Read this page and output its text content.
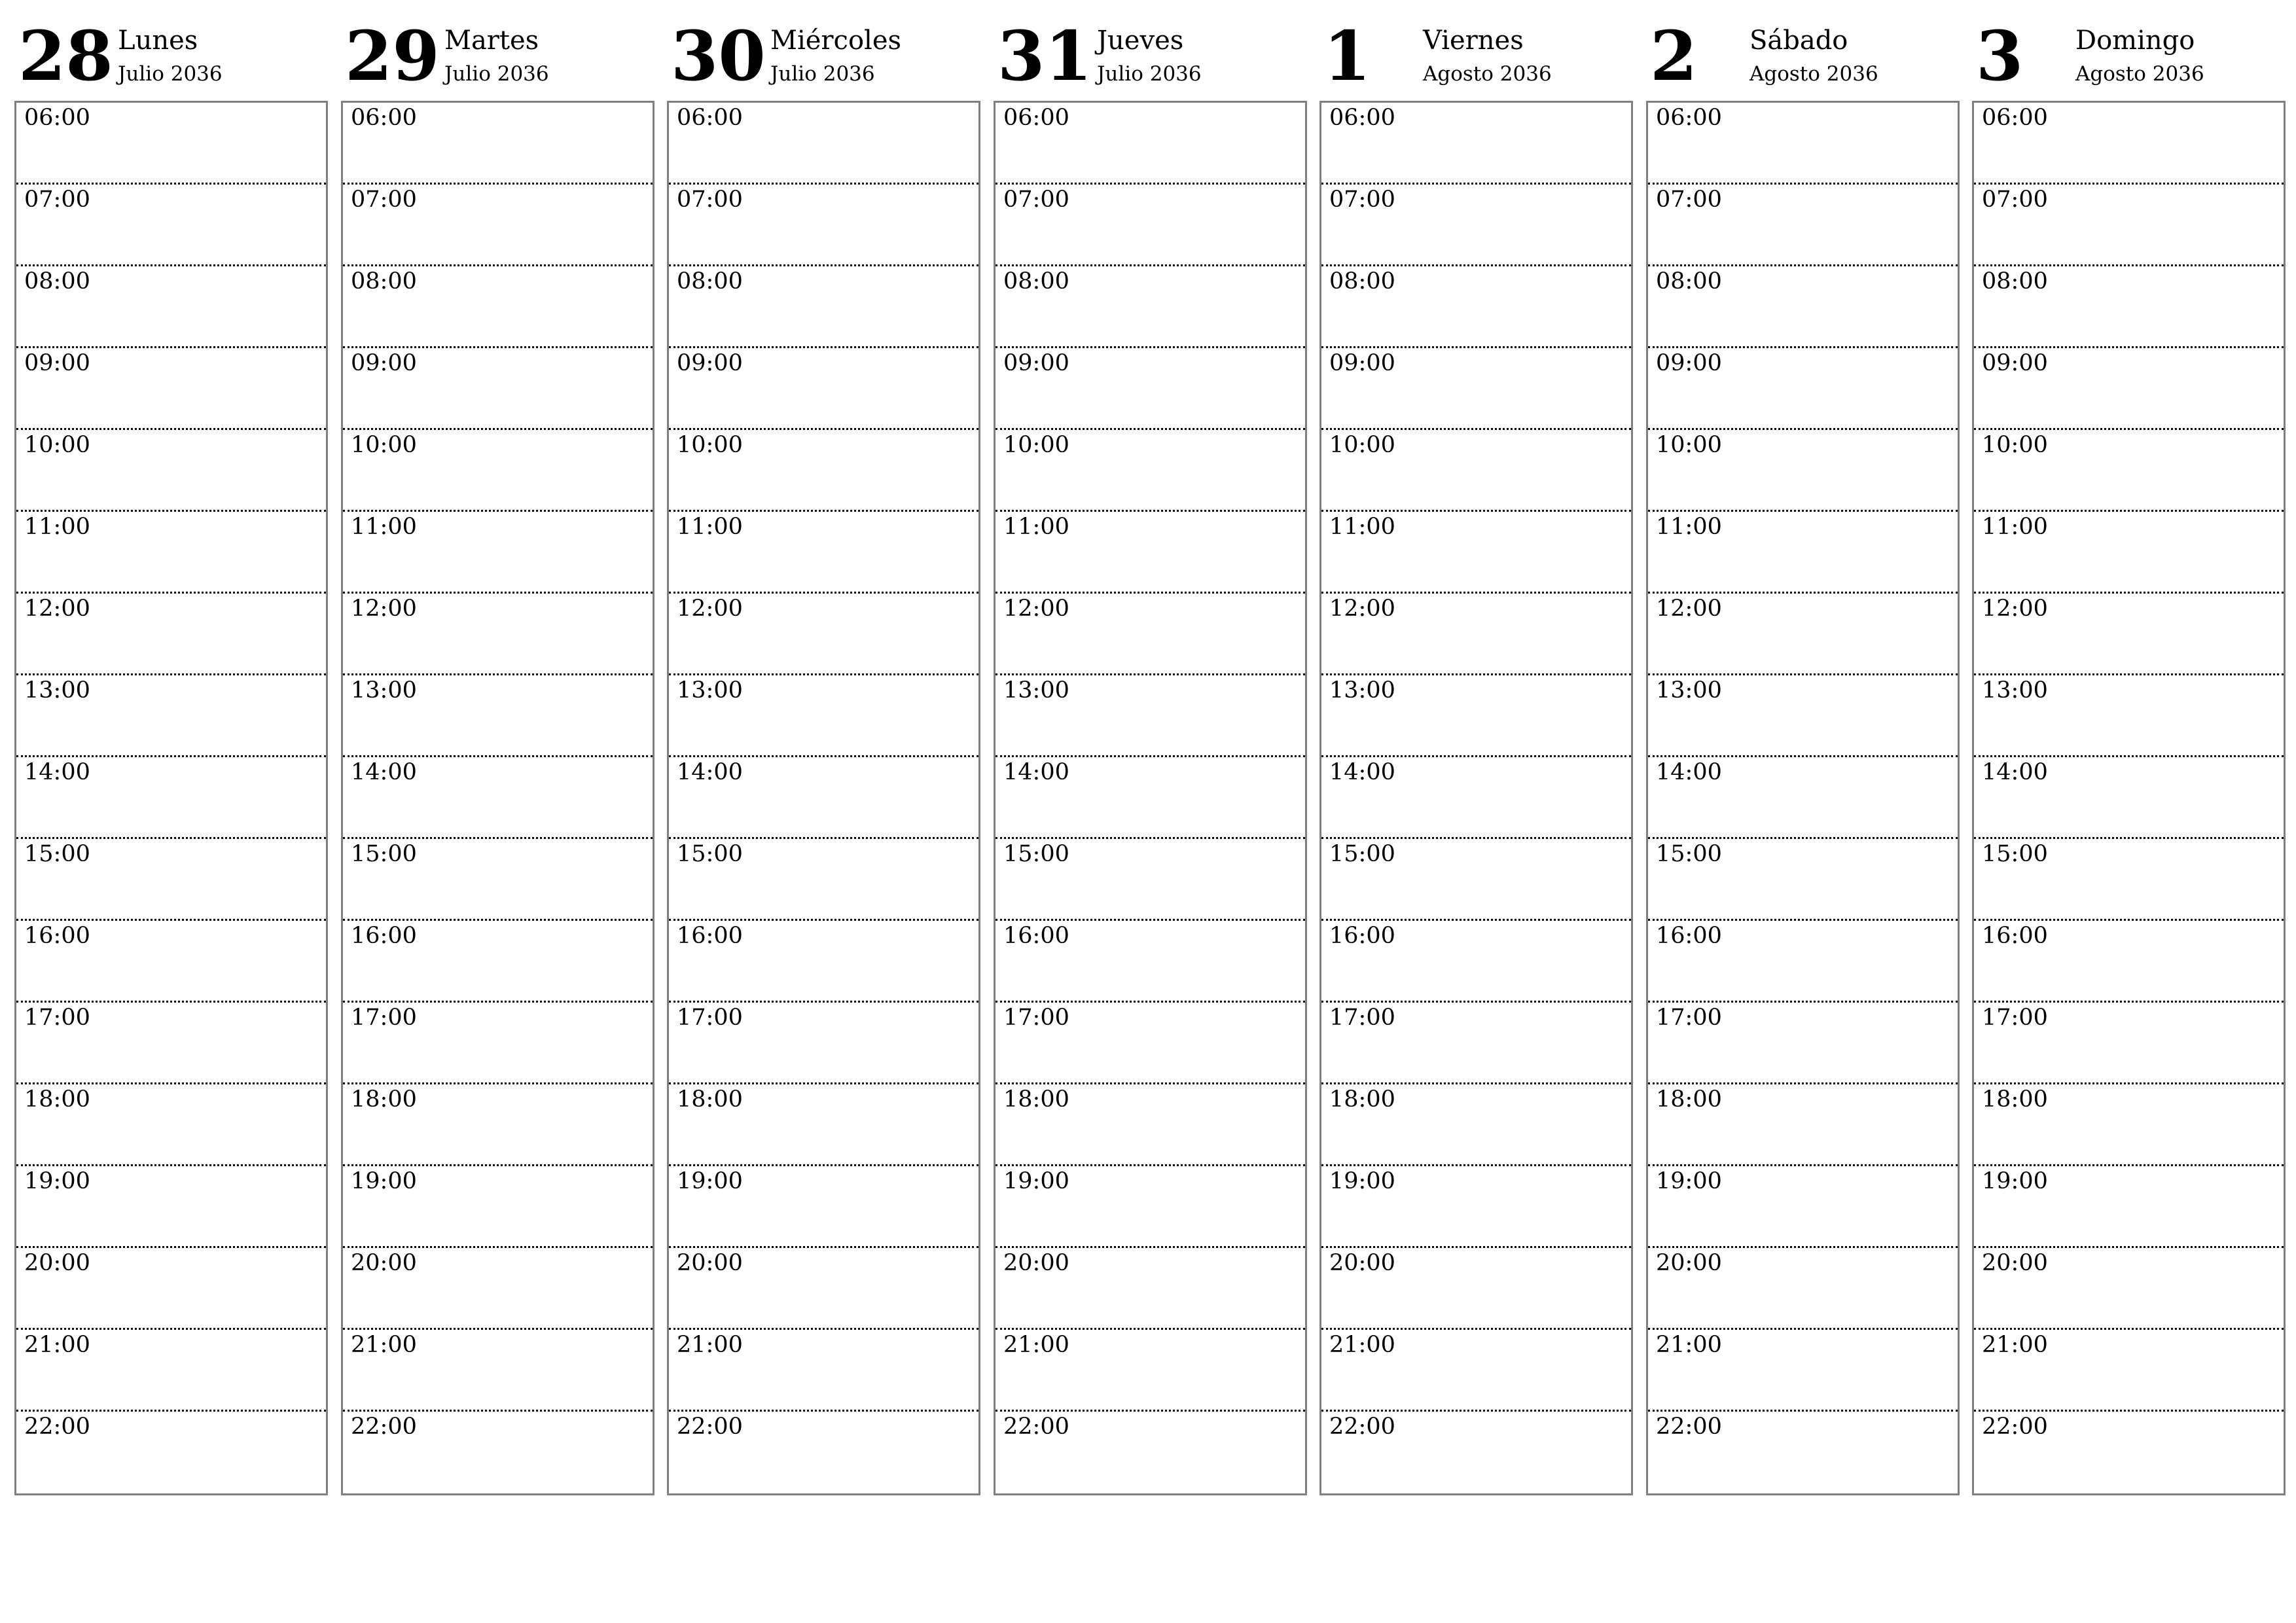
28 Lunes
Julio 2036
06:00
07:00
08:00
09:00
10:00
11:00
12:00
13:00
14:00
15:00
16:00
17:00
18:00
19:00
20:00
21:00
22:00
29 Martes
Julio 2036
06:00
07:00
08:00
09:00
10:00
11:00
12:00
13:00
14:00
15:00
16:00
17:00
18:00
19:00
20:00
21:00
22:00
30 Miércoles
Julio 2036
06:00
07:00
08:00
09:00
10:00
11:00
12:00
13:00
14:00
15:00
16:00
17:00
18:00
19:00
20:00
21:00
22:00
31 Jueves
Julio 2036
06:00
07:00
08:00
09:00
10:00
11:00
12:00
13:00
14:00
15:00
16:00
17:00
18:00
19:00
20:00
21:00
22:00
1 Viernes
Agosto 2036
06:00
07:00
08:00
09:00
10:00
11:00
12:00
13:00
14:00
15:00
16:00
17:00
18:00
19:00
20:00
21:00
22:00
2 Sábado
Agosto 2036
06:00
07:00
08:00
09:00
10:00
11:00
12:00
13:00
14:00
15:00
16:00
17:00
18:00
19:00
20:00
21:00
22:00
3 Domingo
Agosto 2036
06:00
07:00
08:00
09:00
10:00
11:00
12:00
13:00
14:00
15:00
16:00
17:00
18:00
19:00
20:00
21:00
22:00
